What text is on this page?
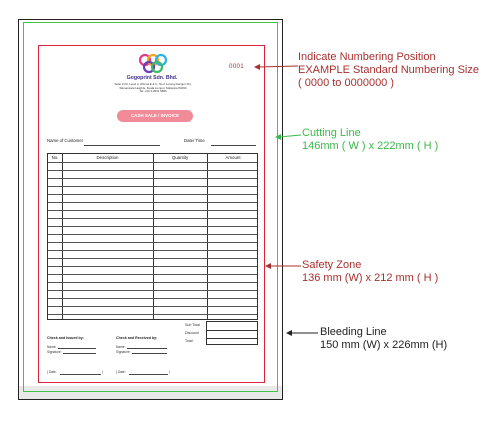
Gogoprint Sdn. Bhd.
Suite 2-03, Level 2, Wisma E & C, No.2 Lorong Dungun Kiri,
Damansara Heights, Kuala Lumpur, Malaysia 50490
Tel: +60 3-2631 5899
0001
CASH SALE / INVOICE
Name of Customer	Date/ Time
No.	Description	Quantity	Amount
Sub Total
Discount
Total
Check and Issued by:
Name:
Signature:
Check and Received by:
Name:
Signature:
( Date:	)	( Date:	)
Indicate Numbering Position
EXAMPLE Standard Numbering Size
( 0000 to 0000000 )
Cutting Line
146mm ( W ) x 222mm ( H )
Safety Zone
136 mm (W) x 212 mm ( H )
Bleeding Line
150 mm (W) x 226mm (H)
